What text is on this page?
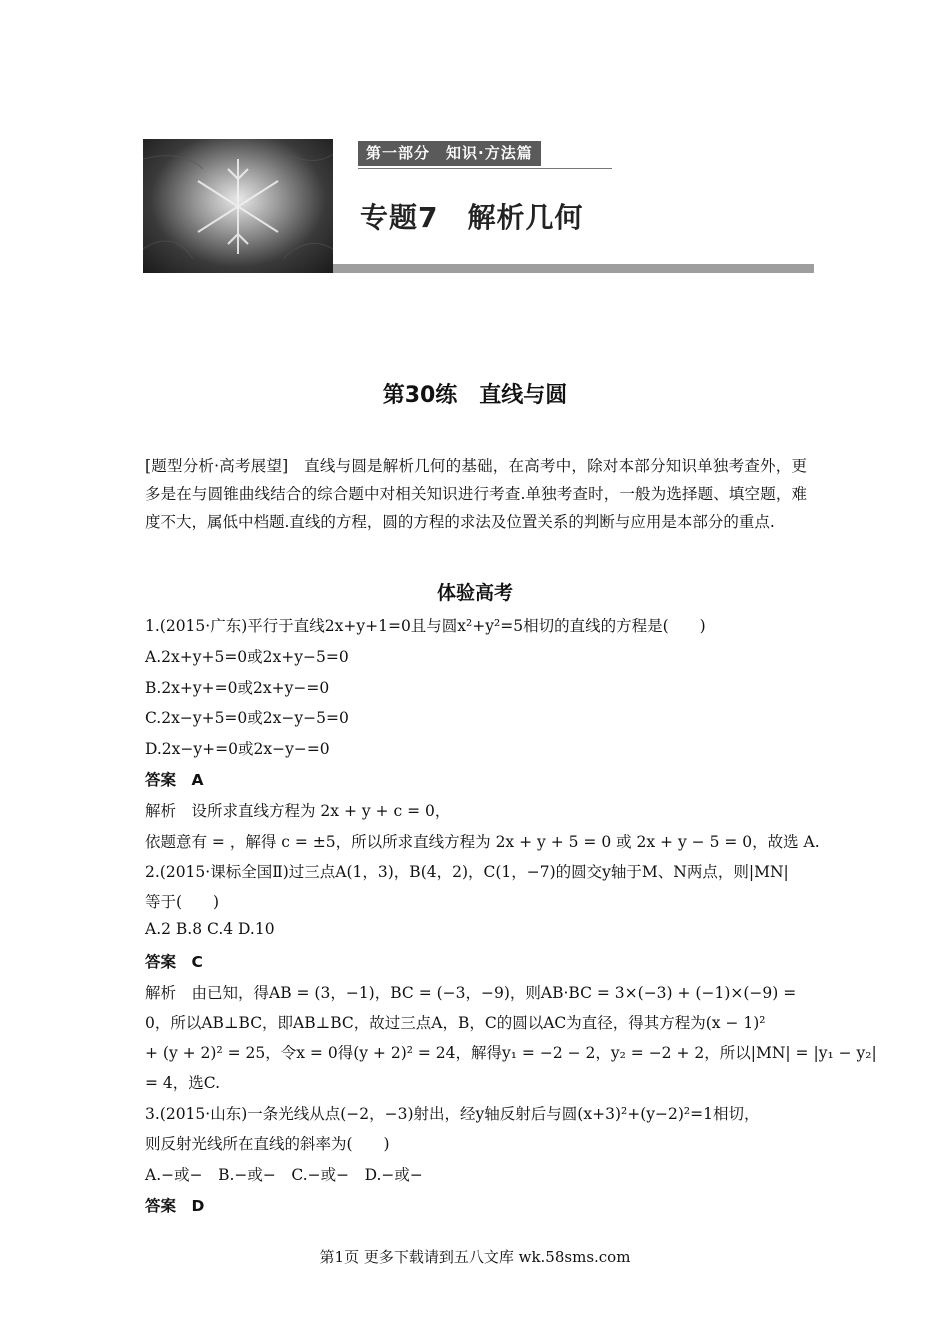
第一部分　知识·方法篇
专题7　解析几何
第30练　直线与圆
[题型分析·高考展望]　直线与圆是解析几何的基础，在高考中，除对本部分知识单独考查外，更多是在与圆锥曲线结合的综合题中对相关知识进行考查.单独考查时，一般为选择题、填空题，难度不大，属低中档题.直线的方程，圆的方程的求法及位置关系的判断与应用是本部分的重点.
体验高考
1.(2015·广东)平行于直线2x+y+1=0且与圆x²+y²=5相切的直线的方程是(　　)
A.2x+y+5=0或2x+y−5=0
B.2x+y+=0或2x+y−=0
C.2x−y+5=0或2x−y−5=0
D.2x−y+=0或2x−y−=0
答案　A
解析　设所求直线方程为 2x + y + c = 0，
依题意有 = ，解得 c = ±5，所以所求直线方程为 2x + y + 5 = 0 或 2x + y − 5 = 0，故选 A.
2.(2015·课标全国Ⅱ)过三点A(1，3)，B(4，2)，C(1，−7)的圆交y轴于M、N两点，则|MN|
等于(　　)
A.2 B.8 C.4 D.10
答案　C
解析　由已知，得AB = (3，−1)，BC = (−3，−9)，则AB·BC = 3×(−3) + (−1)×(−9) =
0，所以AB⊥BC，即AB⊥BC，故过三点A，B，C的圆以AC为直径，得其方程为(x − 1)²
+ (y + 2)² = 25，令x = 0得(y + 2)² = 24，解得y₁ = −2 − 2，y₂ = −2 + 2，所以|MN| = |y₁ − y₂|
= 4，选C.
3.(2015·山东)一条光线从点(−2，−3)射出，经y轴反射后与圆(x+3)²+(y−2)²=1相切，
则反射光线所在直线的斜率为(　　)
A.−或−　B.−或−　C.−或−　D.−或−
答案　D
第1页 更多下载请到五八文库 wk.58sms.com
